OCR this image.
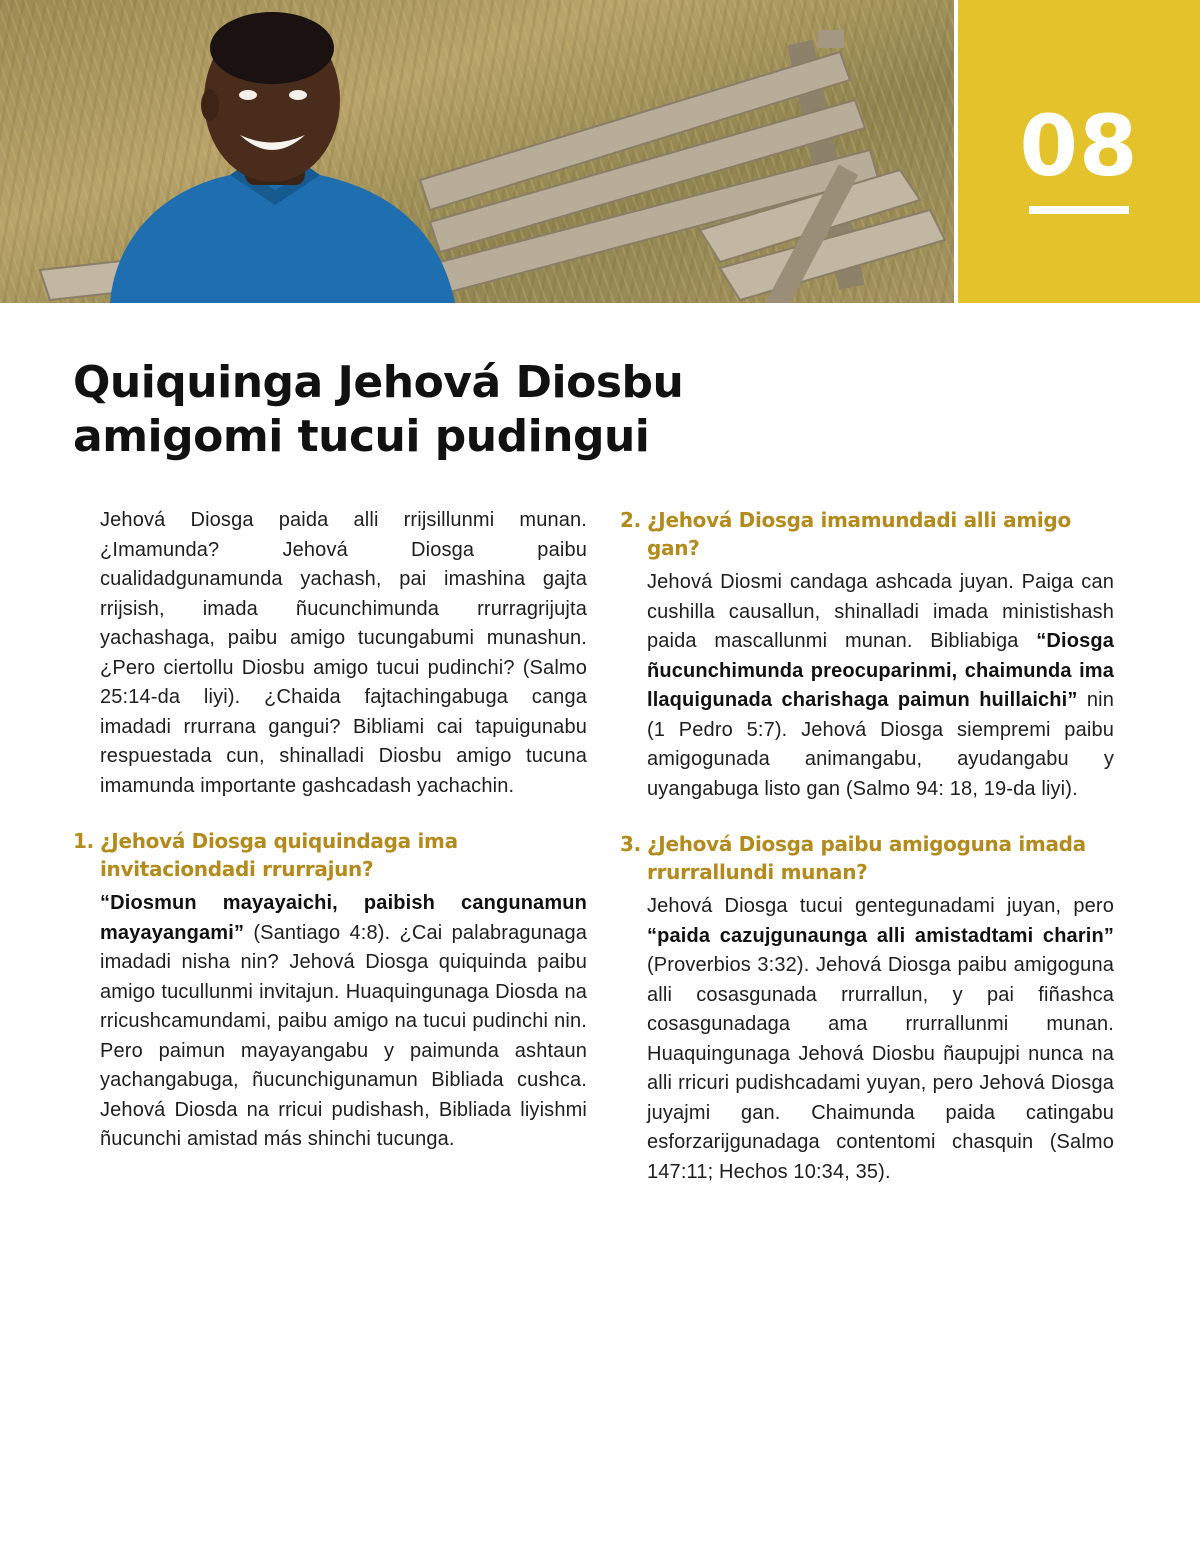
08
Quiquinga Jehová Diosbu amigomi tucui pudingui

Jehová Diosga paida alli rrijsillunmi munan. ¿Imamunda? Jehová Diosga paibu cualidadgunamunda yachash, pai imashina gajta rrijsish, imada ñucunchimunda rrurragrijujta yachashaga, paibu amigo tucungabumi munashun. ¿Pero ciertollu Diosbu amigo tucui pudinchi? (Salmo 25:14-da liyi). ¿Chaida fajtachingabuga canga imadadi rrurrana gangui? Bibliami cai tapuigunabu respuestada cun, shinalladi Diosbu amigo tucuna imamunda importante gashcadash yachachin.

1. ¿Jehová Diosga quiquindaga ima invitaciondadi rrurrajun?

“Diosmun mayayaichi, paibish cangunamun mayayangami” (Santiago 4:8). ¿Cai palabragunaga imadadi nisha nin? Jehová Diosga quiquinda paibu amigo tucullunmi invitajun. Huaquingunaga Diosda na rricushcamundami, paibu amigo na tucui pudinchi nin. Pero paimun mayayangabu y paimunda ashtaun yachangabuga, ñucunchigunamun Bibliada cushca. Jehová Diosda na rricui pudishash, Bibliada liyishmi ñucunchi amistad más shinchi tucunga.

2. ¿Jehová Diosga imamundadi alli amigo gan?

Jehová Diosmi candaga ashcada juyan. Paiga can cushilla causallun, shinalladi imada ministishash paida mascallunmi munan. Bibliabiga “Diosga ñucunchimunda preocuparinmi, chaimunda ima llaquigunada charishaga paimun huillaichi” nin (1 Pedro 5:7). Jehová Diosga siempremi paibu amigogunada animangabu, ayudangabu y uyangabuga listo gan (Salmo 94: 18, 19-da liyi).

3. ¿Jehová Diosga paibu amigoguna imada rrurrallundi munan?

Jehová Diosga tucui gentegunadami juyan, pero “paida cazujgunaunga alli amistadtami charin” (Proverbios 3:32). Jehová Diosga paibu amigoguna alli cosasgunada rrurrallun, y pai fiñashca cosasgunadaga ama rrurrallunmi munan. Huaquingunaga Jehová Diosbu ñaupujpi nunca na alli rricuri pudishcadami yuyan, pero Jehová Diosga juyajmi gan. Chaimunda paida catingabu esforzarijgunadaga contentomi chasquin (Salmo 147:11; Hechos 10:34, 35).
